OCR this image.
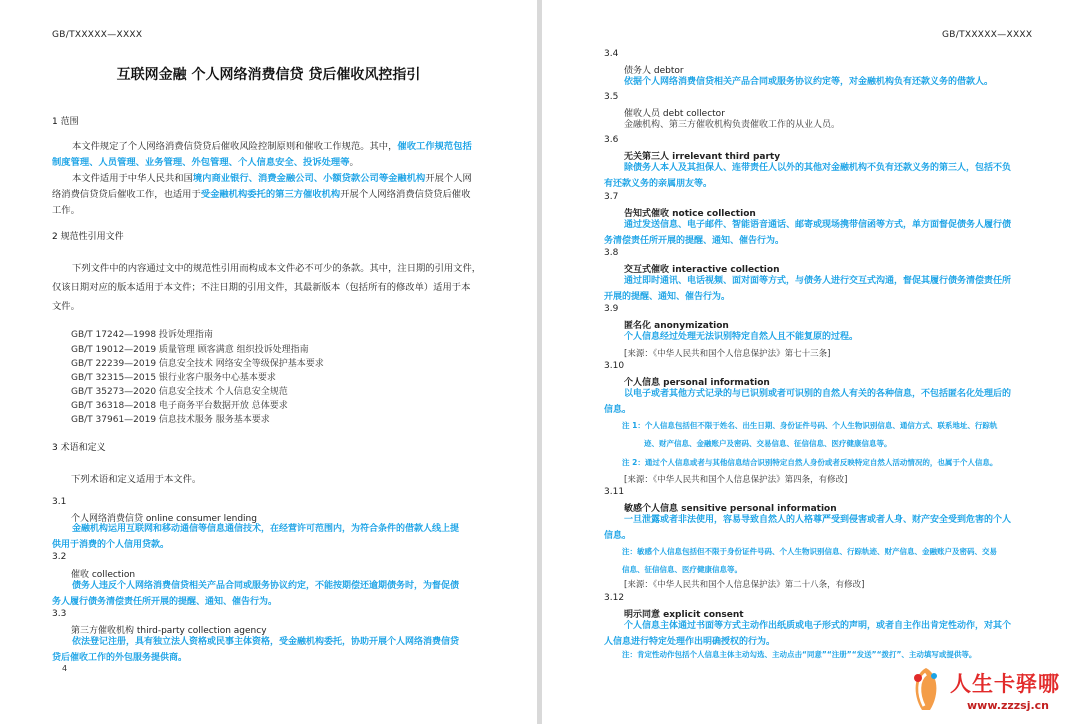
GB/TXXXXX—XXXX
互联网金融 个人网络消费信贷 贷后催收风控指引
1 范围
本文件规定了个人网络消费信贷贷后催收风险控制原则和催收工作规范。其中，催收工作规范包括
制度管理、人员管理、业务管理、外包管理、个人信息安全、投诉处理等。
本文件适用于中华人民共和国境内商业银行、消费金融公司、小额贷款公司等金融机构开展个人网
络消费信贷贷后催收工作，也适用于受金融机构委托的第三方催收机构开展个人网络消费信贷贷后催收
工作。
2 规范性引用文件
下列文件中的内容通过文中的规范性引用而构成本文件必不可少的条款。其中，注日期的引用文件，
仅该日期对应的版本适用于本文件；不注日期的引用文件，其最新版本（包括所有的修改单）适用于本
文件。
GB/T 17242—1998 投诉处理指南
GB/T 19012—2019 质量管理 顾客满意 组织投诉处理指南
GB/T 22239—2019 信息安全技术 网络安全等级保护基本要求
GB/T 32315—2015 银行业客户服务中心基本要求
GB/T 35273—2020 信息安全技术 个人信息安全规范
GB/T 36318—2018 电子商务平台数据开放 总体要求
GB/T 37961—2019 信息技术服务 服务基本要求
3 术语和定义
下列术语和定义适用于本文件。
3.1
个人网络消费信贷 online consumer lending
金融机构运用互联网和移动通信等信息通信技术，在经营许可范围内，为符合条件的借款人线上提
供用于消费的个人信用贷款。
3.2
催收 collection
债务人违反个人网络消费信贷相关产品合同或服务协议约定，不能按期偿还逾期债务时，为督促债
务人履行债务清偿责任所开展的提醒、通知、催告行为。
3.3
第三方催收机构 third-party collection agency
依法登记注册，具有独立法人资格或民事主体资格，受金融机构委托，协助开展个人网络消费信贷
贷后催收工作的外包服务提供商。
4
GB/TXXXXX—XXXX
3.4
债务人 debtor
依据个人网络消费信贷相关产品合同或服务协议约定等，对金融机构负有还款义务的借款人。
3.5
催收人员 debt collector
金融机构、第三方催收机构负责催收工作的从业人员。
3.6
无关第三人 irrelevant third party
除债务人本人及其担保人、连带责任人以外的其他对金融机构不负有还款义务的第三人，包括不负
有还款义务的亲属朋友等。
3.7
告知式催收 notice collection
通过发送信息、电子邮件、智能语音通话、邮寄或现场携带信函等方式，单方面督促债务人履行债
务清偿责任所开展的提醒、通知、催告行为。
3.8
交互式催收 interactive collection
通过即时通讯、电话视频、面对面等方式，与债务人进行交互式沟通，督促其履行债务清偿责任所
开展的提醒、通知、催告行为。
3.9
匿名化 anonymization
个人信息经过处理无法识别特定自然人且不能复原的过程。
[来源：《中华人民共和国个人信息保护法》第七十三条]
3.10
个人信息 personal information
以电子或者其他方式记录的与已识别或者可识别的自然人有关的各种信息，不包括匿名化处理后的
信息。
注 1：个人信息包括但不限于姓名、出生日期、身份证件号码、个人生物识别信息、通信方式、联系地址、行踪轨
迹、财产信息、金融账户及密码、交易信息、征信信息、医疗健康信息等。
注 2：通过个人信息或者与其他信息结合识别特定自然人身份或者反映特定自然人活动情况的，也属于个人信息。
[来源：《中华人民共和国个人信息保护法》第四条，有修改]
3.11
敏感个人信息 sensitive personal information
一旦泄露或者非法使用，容易导致自然人的人格尊严受到侵害或者人身、财产安全受到危害的个人
信息。
注：敏感个人信息包括但不限于身份证件号码、个人生物识别信息、行踪轨迹、财产信息、金融账户及密码、交易
信息、征信信息、医疗健康信息等。
[来源：《中华人民共和国个人信息保护法》第二十八条，有修改]
3.12
明示同意 explicit consent
个人信息主体通过书面等方式主动作出纸质或电子形式的声明，或者自主作出肯定性动作，对其个
人信息进行特定处理作出明确授权的行为。
注：肯定性动作包括个人信息主体主动勾选、主动点击“同意”“注册”“发送”“拨打”、主动填写或提供等。
人生卡驿哪
www.zzzsj.cn
